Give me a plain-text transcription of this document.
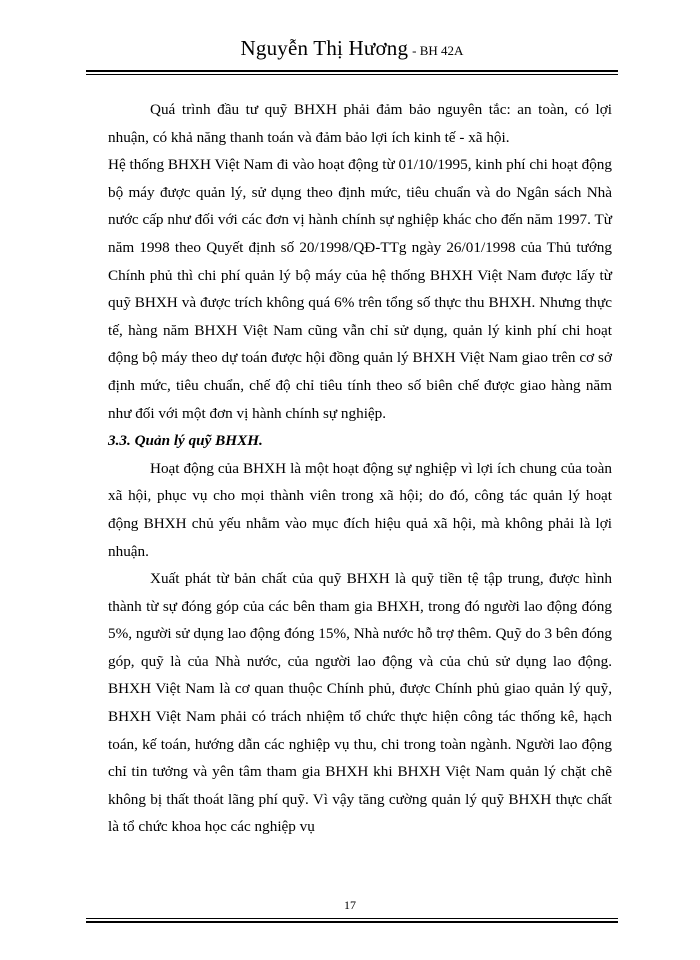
Nguyễn Thị Hương - BH 42A

Quá trình đầu tư quỹ BHXH phải đảm bảo nguyên tắc: an toàn, có lợi nhuận, có khả năng thanh toán và đảm bảo lợi ích kinh tế - xã hội.

Hệ thống BHXH Việt Nam đi vào hoạt động từ 01/10/1995, kinh phí chi hoạt động bộ máy được quản lý, sử dụng theo định mức, tiêu chuẩn và do Ngân sách Nhà nước cấp như đối với các đơn vị hành chính sự nghiệp khác cho đến năm 1997. Từ năm 1998 theo Quyết định số 20/1998/QĐ-TTg ngày 26/01/1998 của Thủ tướng Chính phủ thì chi phí quản lý bộ máy của hệ thống BHXH Việt Nam được lấy từ quỹ BHXH và được trích không quá 6% trên tổng số thực thu BHXH. Nhưng thực tế, hàng năm BHXH Việt Nam cũng vẫn chỉ sử dụng, quản lý kinh phí chi hoạt động bộ máy theo dự toán được hội đồng quản lý BHXH Việt Nam giao trên cơ sở định mức, tiêu chuẩn, chế độ chỉ tiêu tính theo số biên chế được giao hàng năm như đối với một đơn vị hành chính sự nghiệp.

3.3. Quản lý quỹ BHXH.

Hoạt động của BHXH là một hoạt động sự nghiệp vì lợi ích chung của toàn xã hội, phục vụ cho mọi thành viên trong xã hội; do đó, công tác quản lý hoạt động BHXH chủ yếu nhằm vào mục đích hiệu quả xã hội, mà không phải là lợi nhuận.

Xuất phát từ bản chất của quỹ BHXH là quỹ tiền tệ tập trung, được hình thành từ sự đóng góp của các bên tham gia BHXH, trong đó người lao động đóng 5%, người sử dụng lao động đóng 15%, Nhà nước hỗ trợ thêm. Quỹ do 3 bên đóng góp, quỹ là của Nhà nước, của người lao động và của chủ sử dụng lao động. BHXH Việt Nam là cơ quan thuộc Chính phủ, được Chính phủ giao quản lý quỹ, BHXH Việt Nam phải có trách nhiệm tổ chức thực hiện công tác thống kê, hạch toán, kế toán, hướng dẫn các nghiệp vụ thu, chi trong toàn ngành. Người lao động chỉ tin tưởng và yên tâm tham gia BHXH khi BHXH Việt Nam quản lý chặt chẽ không bị thất thoát lãng phí quỹ. Vì vậy tăng cường quản lý quỹ BHXH thực chất là tổ chức khoa học các nghiệp vụ

17
